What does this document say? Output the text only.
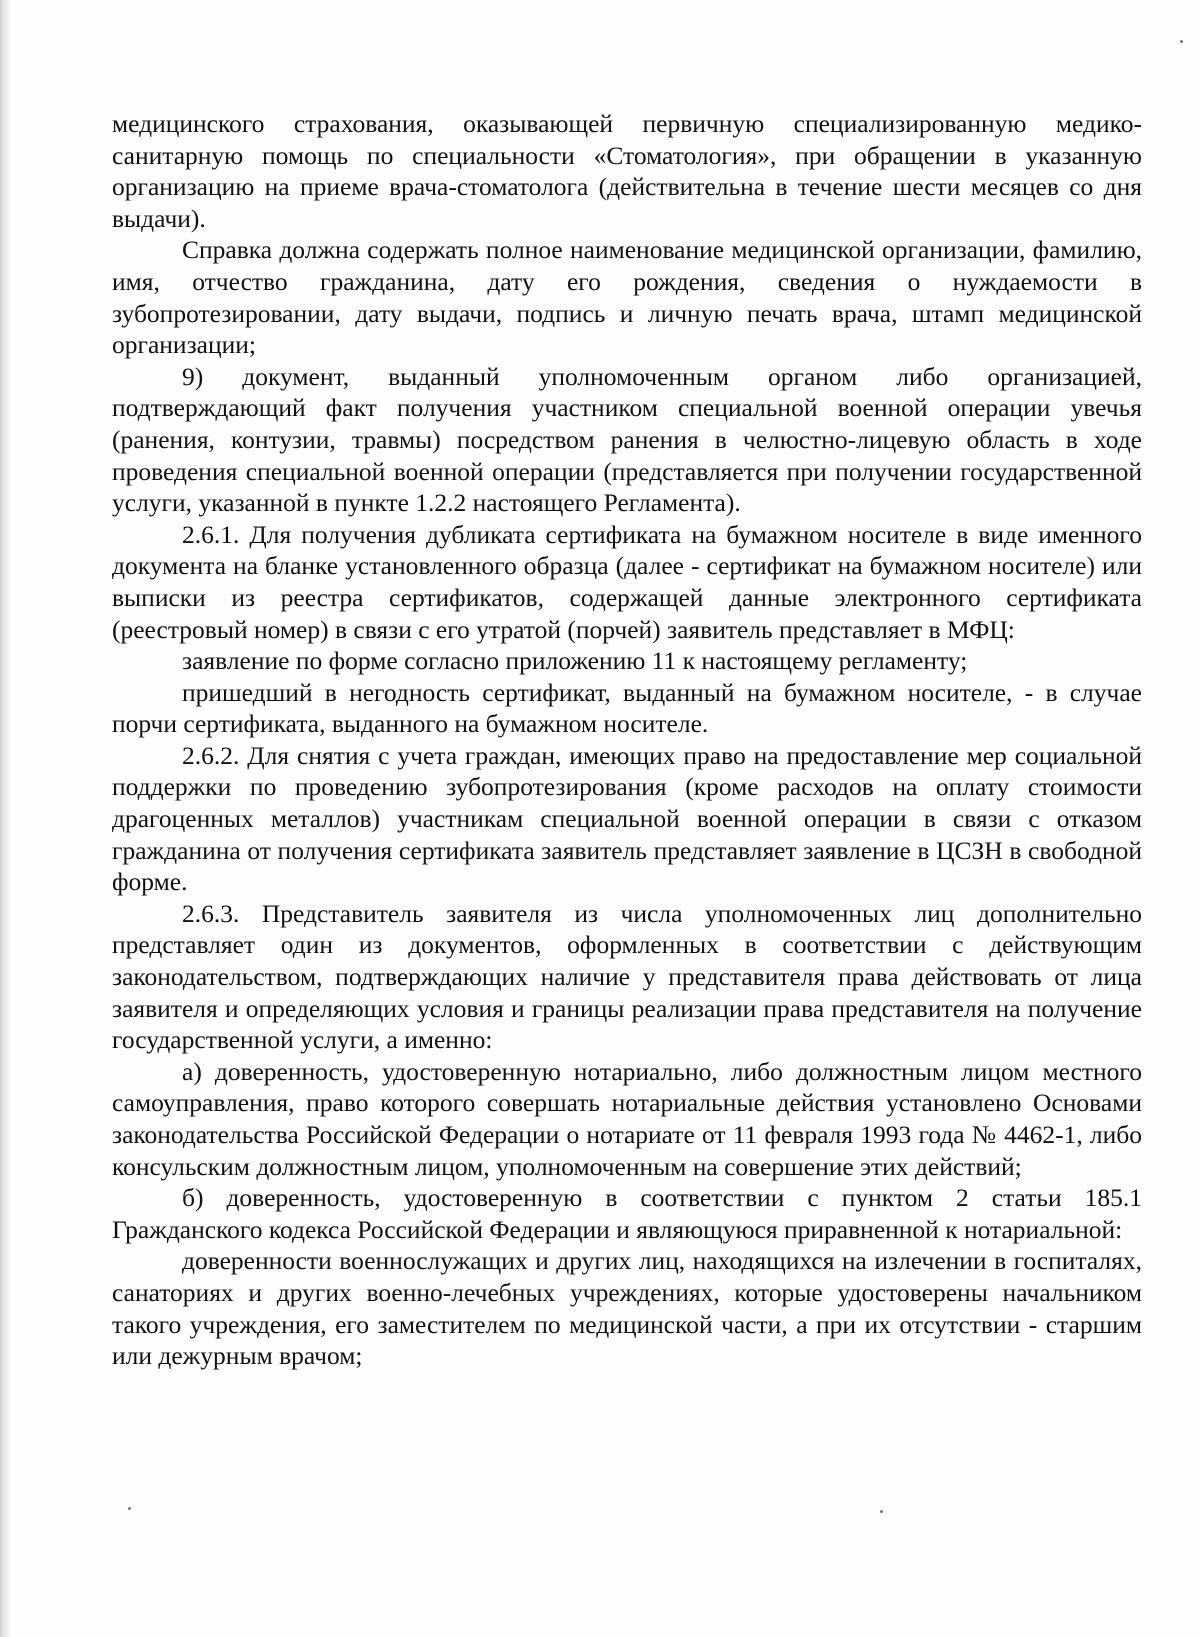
медицинского страхования, оказывающей первичную специализированную медико-санитарную помощь по специальности «Стоматология», при обращении в указанную организацию на приеме врача-стоматолога (действительна в течение шести месяцев со дня выдачи).

Справка должна содержать полное наименование медицинской организации, фамилию, имя, отчество гражданина, дату его рождения, сведения о нуждаемости в зубопротезировании, дату выдачи, подпись и личную печать врача, штамп медицинской организации;

9) документ, выданный уполномоченным органом либо организацией, подтверждающий факт получения участником специальной военной операции увечья (ранения, контузии, травмы) посредством ранения в челюстно-лицевую область в ходе проведения специальной военной операции (представляется при получении государственной услуги, указанной в пункте 1.2.2 настоящего Регламента).

2.6.1. Для получения дубликата сертификата на бумажном носителе в виде именного документа на бланке установленного образца (далее - сертификат на бумажном носителе) или выписки из реестра сертификатов, содержащей данные электронного сертификата (реестровый номер) в связи с его утратой (порчей) заявитель представляет в МФЦ:

заявление по форме согласно приложению 11 к настоящему регламенту;

пришедший в негодность сертификат, выданный на бумажном носителе, - в случае порчи сертификата, выданного на бумажном носителе.

2.6.2. Для снятия с учета граждан, имеющих право на предоставление мер социальной поддержки по проведению зубопротезирования (кроме расходов на оплату стоимости драгоценных металлов) участникам специальной военной операции в связи с отказом гражданина от получения сертификата заявитель представляет заявление в ЦСЗН в свободной форме.

2.6.3. Представитель заявителя из числа уполномоченных лиц дополнительно представляет один из документов, оформленных в соответствии с действующим законодательством, подтверждающих наличие у представителя права действовать от лица заявителя и определяющих условия и границы реализации права представителя на получение государственной услуги, а именно:

а) доверенность, удостоверенную нотариально, либо должностным лицом местного самоуправления, право которого совершать нотариальные действия установлено Основами законодательства Российской Федерации о нотариате от 11 февраля 1993 года № 4462-1, либо консульским должностным лицом, уполномоченным на совершение этих действий;

б) доверенность, удостоверенную в соответствии с пунктом 2 статьи 185.1 Гражданского кодекса Российской Федерации и являющуюся приравненной к нотариальной:

доверенности военнослужащих и других лиц, находящихся на излечении в госпиталях, санаториях и других военно-лечебных учреждениях, которые удостоверены начальником такого учреждения, его заместителем по медицинской части, а при их отсутствии - старшим или дежурным врачом;
